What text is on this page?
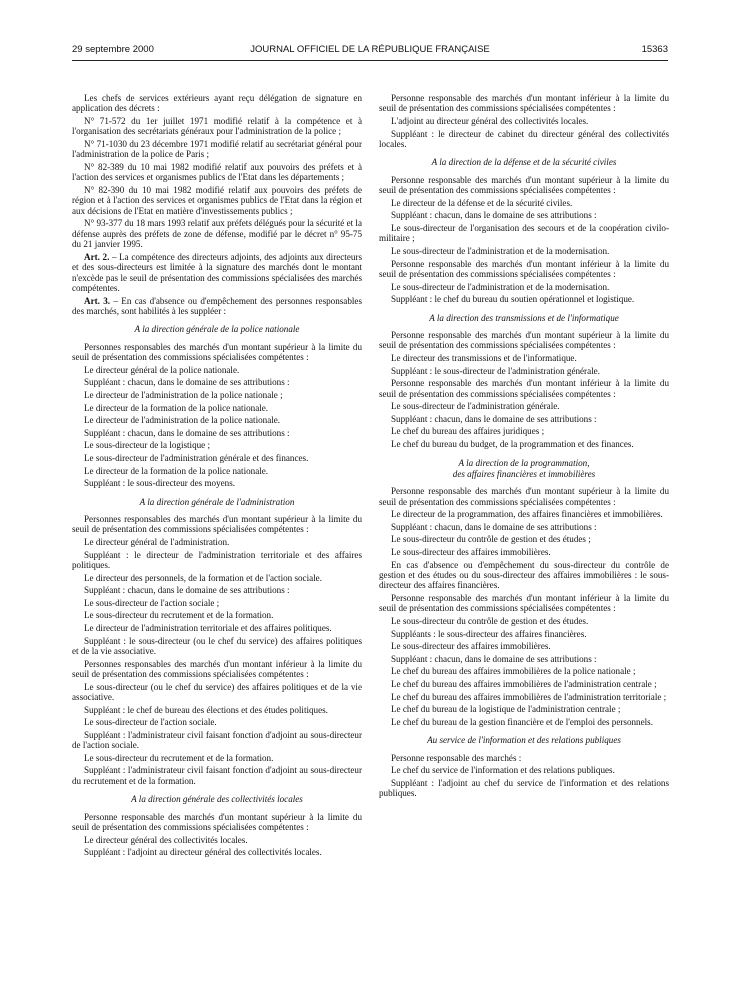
29 septembre 2000	JOURNAL OFFICIEL DE LA RÉPUBLIQUE FRANÇAISE	15363

Les chefs de services extérieurs ayant reçu délégation de signature en application des décrets :

N° 71-572 du 1er juillet 1971 modifié relatif à la compétence et à l'organisation des secrétariats généraux pour l'administration de la police ;

N° 71-1030 du 23 décembre 1971 modifié relatif au secrétariat général pour l'administration de la police de Paris ;

N° 82-389 du 10 mai 1982 modifié relatif aux pouvoirs des préfets et à l'action des services et organismes publics de l'Etat dans les départements ;

N° 82-390 du 10 mai 1982 modifié relatif aux pouvoirs des préfets de région et à l'action des services et organismes publics de l'Etat dans la région et aux décisions de l'Etat en matière d'investissements publics ;

N° 93-377 du 18 mars 1993 relatif aux préfets délégués pour la sécurité et la défense auprès des préfets de zone de défense, modifié par le décret n° 95-75 du 21 janvier 1995.

Art. 2. – La compétence des directeurs adjoints, des adjoints aux directeurs et des sous-directeurs est limitée à la signature des marchés dont le montant n'excède pas le seuil de présentation des commissions spécialisées des marchés compétentes.

Art. 3. – En cas d'absence ou d'empêchement des personnes responsables des marchés, sont habilités à les suppléer :

A la direction générale de la police nationale

Personnes responsables des marchés d'un montant supérieur à la limite du seuil de présentation des commissions spécialisées compétentes :

Le directeur général de la police nationale.

Suppléant : chacun, dans le domaine de ses attributions :

Le directeur de l'administration de la police nationale ;

Le directeur de la formation de la police nationale.

Le directeur de l'administration de la police nationale.

Suppléant : chacun, dans le domaine de ses attributions :

Le sous-directeur de la logistique ;

Le sous-directeur de l'administration générale et des finances.

Le directeur de la formation de la police nationale.

Suppléant : le sous-directeur des moyens.

A la direction générale de l'administration

Personnes responsables des marchés d'un montant supérieur à la limite du seuil de présentation des commissions spécialisées compétentes :

Le directeur général de l'administration.

Suppléant : le directeur de l'administration territoriale et des affaires politiques.

Le directeur des personnels, de la formation et de l'action sociale.

Suppléant : chacun, dans le domaine de ses attributions :

Le sous-directeur de l'action sociale ;

Le sous-directeur du recrutement et de la formation.

Le directeur de l'administration territoriale et des affaires politiques.

Suppléant : le sous-directeur (ou le chef du service) des affaires politiques et de la vie associative.

Personnes responsables des marchés d'un montant inférieur à la limite du seuil de présentation des commissions spécialisées compétentes :

Le sous-directeur (ou le chef du service) des affaires politiques et de la vie associative.

Suppléant : le chef de bureau des élections et des études politiques.

Le sous-directeur de l'action sociale.

Suppléant : l'administrateur civil faisant fonction d'adjoint au sous-directeur de l'action sociale.

Le sous-directeur du recrutement et de la formation.

Suppléant : l'administrateur civil faisant fonction d'adjoint au sous-directeur du recrutement et de la formation.

A la direction générale des collectivités locales

Personne responsable des marchés d'un montant supérieur à la limite du seuil de présentation des commissions spécialisées compétentes :

Le directeur général des collectivités locales.

Suppléant : l'adjoint au directeur général des collectivités locales.

Personne responsable des marchés d'un montant inférieur à la limite du seuil de présentation des commissions spécialisées compétentes :

L'adjoint au directeur général des collectivités locales.

Suppléant : le directeur de cabinet du directeur général des collectivités locales.

A la direction de la défense et de la sécurité civiles

Personne responsable des marchés d'un montant supérieur à la limite du seuil de présentation des commissions spécialisées compétentes :

Le directeur de la défense et de la sécurité civiles.

Suppléant : chacun, dans le domaine de ses attributions :

Le sous-directeur de l'organisation des secours et de la coopération civilo-militaire ;

Le sous-directeur de l'administration et de la modernisation.

Personne responsable des marchés d'un montant inférieur à la limite du seuil de présentation des commissions spécialisées compétentes :

Le sous-directeur de l'administration et de la modernisation.

Suppléant : le chef du bureau du soutien opérationnel et logistique.

A la direction des transmissions et de l'informatique

Personne responsable des marchés d'un montant supérieur à la limite du seuil de présentation des commissions spécialisées compétentes :

Le directeur des transmissions et de l'informatique.

Suppléant : le sous-directeur de l'administration générale.

Personne responsable des marchés d'un montant inférieur à la limite du seuil de présentation des commissions spécialisées compétentes :

Le sous-directeur de l'administration générale.

Suppléant : chacun, dans le domaine de ses attributions :

Le chef du bureau des affaires juridiques ;

Le chef du bureau du budget, de la programmation et des finances.

A la direction de la programmation,
des affaires financières et immobilières

Personne responsable des marchés d'un montant supérieur à la limite du seuil de présentation des commissions spécialisées compétentes :

Le directeur de la programmation, des affaires financières et immobilières.

Suppléant : chacun, dans le domaine de ses attributions :

Le sous-directeur du contrôle de gestion et des études ;

Le sous-directeur des affaires immobilières.

En cas d'absence ou d'empêchement du sous-directeur du contrôle de gestion et des études ou du sous-directeur des affaires immobilières : le sous-directeur des affaires financières.

Personne responsable des marchés d'un montant inférieur à la limite du seuil de présentation des commissions spécialisées compétentes :

Le sous-directeur du contrôle de gestion et des études.

Suppléants : le sous-directeur des affaires financières.

Le sous-directeur des affaires immobilières.

Suppléant : chacun, dans le domaine de ses attributions :

Le chef du bureau des affaires immobilières de la police nationale ;

Le chef du bureau des affaires immobilières de l'administration centrale ;

Le chef du bureau des affaires immobilières de l'administration territoriale ;

Le chef du bureau de la logistique de l'administration centrale ;

Le chef du bureau de la gestion financière et de l'emploi des personnels.

Au service de l'information et des relations publiques

Personne responsable des marchés :

Le chef du service de l'information et des relations publiques.

Suppléant : l'adjoint au chef du service de l'information et des relations publiques.
